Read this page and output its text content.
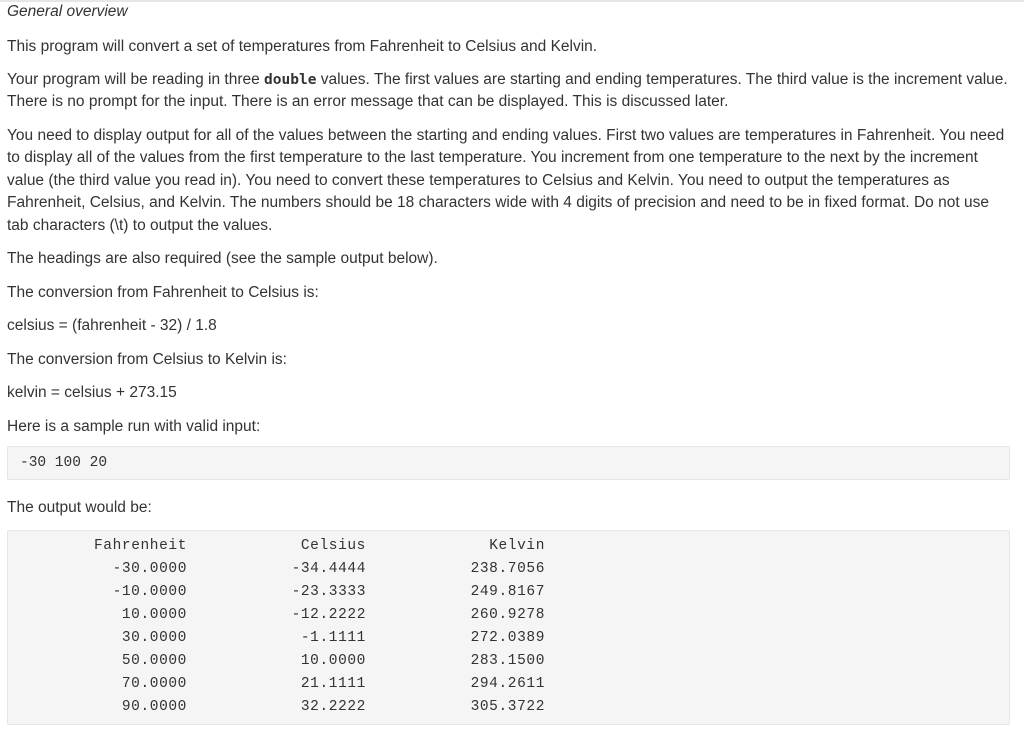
General overview

This program will convert a set of temperatures from Fahrenheit to Celsius and Kelvin.

Your program will be reading in three double values. The first values are starting and ending temperatures. The third value is the increment value. There is no prompt for the input. There is an error message that can be displayed. This is discussed later.

You need to display output for all of the values between the starting and ending values. First two values are temperatures in Fahrenheit. You need to display all of the values from the first temperature to the last temperature. You increment from one temperature to the next by the increment value (the third value you read in). You need to convert these temperatures to Celsius and Kelvin. You need to output the temperatures as Fahrenheit, Celsius, and Kelvin. The numbers should be 18 characters wide with 4 digits of precision and need to be in fixed format. Do not use tab characters (\t) to output the values.

The headings are also required (see the sample output below).

The conversion from Fahrenheit to Celsius is:

celsius = (fahrenheit - 32) / 1.8

The conversion from Celsius to Kelvin is:

kelvin = celsius + 273.15

Here is a sample run with valid input:

-30 100 20

The output would be:

Fahrenheit	Celsius	Kelvin
-30.0000	-34.4444	238.7056
-10.0000	-23.3333	249.8167
10.0000	-12.2222	260.9278
30.0000	-1.1111	272.0389
50.0000	10.0000	283.1500
70.0000	21.1111	294.2611
90.0000	32.2222	305.3722
